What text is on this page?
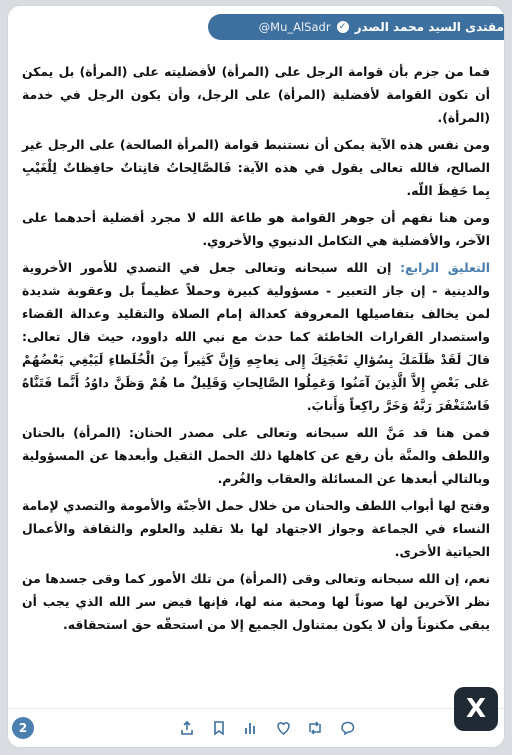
@Mu_AlSadr ✓ مقتدى السيد محمد الصدر

فما من جزم بأن قوامة الرجل على (المرأة) لأفضليته على (المرأة) بل يمكن أن تكون القوامة لأفضلية (المرأة) على الرجل، وأن يكون الرجل في خدمة (المرأة).

ومن نفس هذه الآية يمكن أن نستنبط قوامة (المرأة الصالحة) على الرجل غير الصالح، فالله تعالى يقول في هذه الآية: فَالصَّالِحاتُ قانِتاتٌ حافِظاتٌ لِلْغَيْبِ بِما حَفِظَ اللّه.

ومن هنا نفهم أن جوهر القوامة هو طاعة الله لا مجرد أفضلية أحدهما على الآخر، والأفضلية هي التكامل الدنيوي والأخروي.

التعليق الرابع: إن الله سبحانه وتعالى جعل في التصدي للأمور الأخروية والدينية - إن جاز التعبير - مسؤولية كبيرة وحملاً عظيماً بل وعقوبة شديدة لمن يخالف بتفاصيلها المعروفة كعدالة إمام الصلاة والتقليد وعدالة القضاء واستصدار القرارات الخاطئة كما حدث مع نبي الله داوود، حيث قال تعالى: قالَ لَقَدْ ظَلَمَكَ بِسُؤالِ نَعْجَتِكَ إِلى نِعاجِهِ وَإِنَّ كَثِيراً مِنَ الْخُلَطاءِ لَيَبْغِي بَعْضُهُمْ عَلى بَعْضٍ إِلاَّ الَّذِينَ آمَنُوا وَعَمِلُوا الصَّالِحاتِ وَقَلِيلٌ ما هُمْ وَظَنَّ داوُدُ أَنَّما فَتَنَّاهُ فَاسْتَغْفَرَ رَبَّهُ وَخَرَّ راكِعاً وَأَنابَ.

فمن هنا قد مَنَّ الله سبحانه وتعالى على مصدر الحنان: (المرأة) بالحنان واللطف والمنَّة بأن رفع عن كاهلها ذلك الحمل الثقيل وأبعدها عن المسؤولية وبالتالي أبعدها عن المسائلة والعقاب والغُرم.

وفتح لها أبواب اللطف والحنان من خلال حمل الأجنّة والأمومة والتصدي لإمامة النساء في الجماعة وجواز الاجتهاد لها بلا تقليد والعلوم والثقافة والأعمال الحياتية الأخرى.

نعم، إن الله سبحانه وتعالى وقى (المرأة) من تلك الأمور كما وقى جسدها من نظر الآخرين لها صوناً لها ومحبة منه لها، فإنها فيض سر الله الذي يجب أن يبقى مكنوناً وأن لا يكون بمتناول الجميع إلا من استحقّه حق استحقاقه.

2
X
